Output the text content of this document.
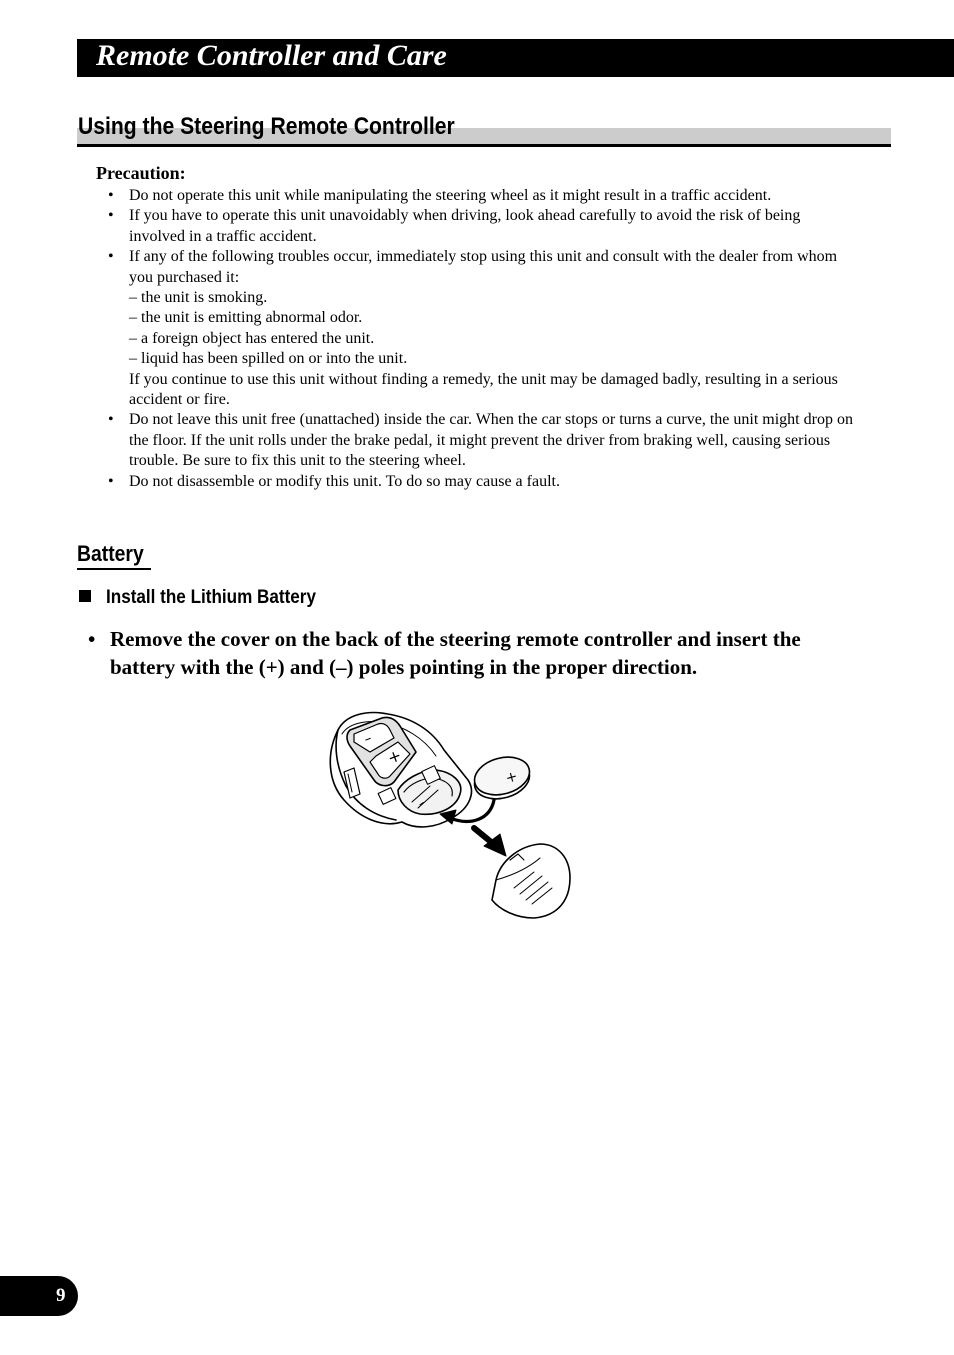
Remote Controller and Care
Using the Steering Remote Controller
Precaution:
• Do not operate this unit while manipulating the steering wheel as it might result in a traffic accident.
• If you have to operate this unit unavoidably when driving, look ahead carefully to avoid the risk of being involved in a traffic accident.
• If any of the following troubles occur, immediately stop using this unit and consult with the dealer from whom you purchased it:
– the unit is smoking.
– the unit is emitting abnormal odor.
– a foreign object has entered the unit.
– liquid has been spilled on or into the unit.
If you continue to use this unit without finding a remedy, the unit may be damaged badly, resulting in a serious accident or fire.
• Do not leave this unit free (unattached) inside the car. When the car stops or turns a curve, the unit might drop on the floor. If the unit rolls under the brake pedal, it might prevent the driver from braking well, causing serious trouble. Be sure to fix this unit to the steering wheel.
• Do not disassemble or modify this unit. To do so may cause a fault.
Battery
Install the Lithium Battery
• Remove the cover on the back of the steering remote controller and insert the battery with the (+) and (–) poles pointing in the proper direction.
–
+
+
–
9
